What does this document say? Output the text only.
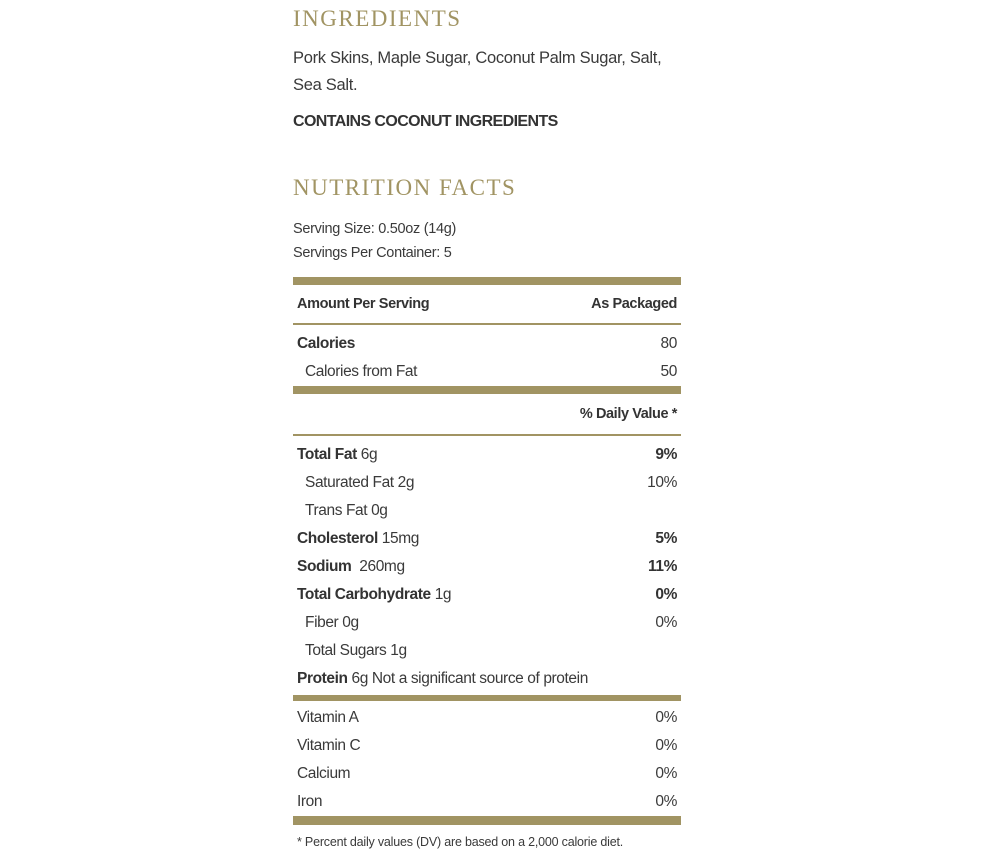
INGREDIENTS
Pork Skins, Maple Sugar, Coconut Palm Sugar, Salt, Sea Salt.
CONTAINS COCONUT INGREDIENTS
NUTRITION FACTS
Serving Size: 0.50oz (14g)
Servings Per Container: 5
Amount Per Serving	As Packaged
Calories	80
Calories from Fat	50
% Daily Value *
Total Fat 6g	9%
Saturated Fat 2g	10%
Trans Fat 0g
Cholesterol 15mg	5%
Sodium 260mg	11%
Total Carbohydrate 1g	0%
Fiber 0g	0%
Total Sugars 1g
Protein 6g Not a significant source of protein
Vitamin A	0%
Vitamin C	0%
Calcium	0%
Iron	0%
* Percent daily values (DV) are based on a 2,000 calorie diet.
